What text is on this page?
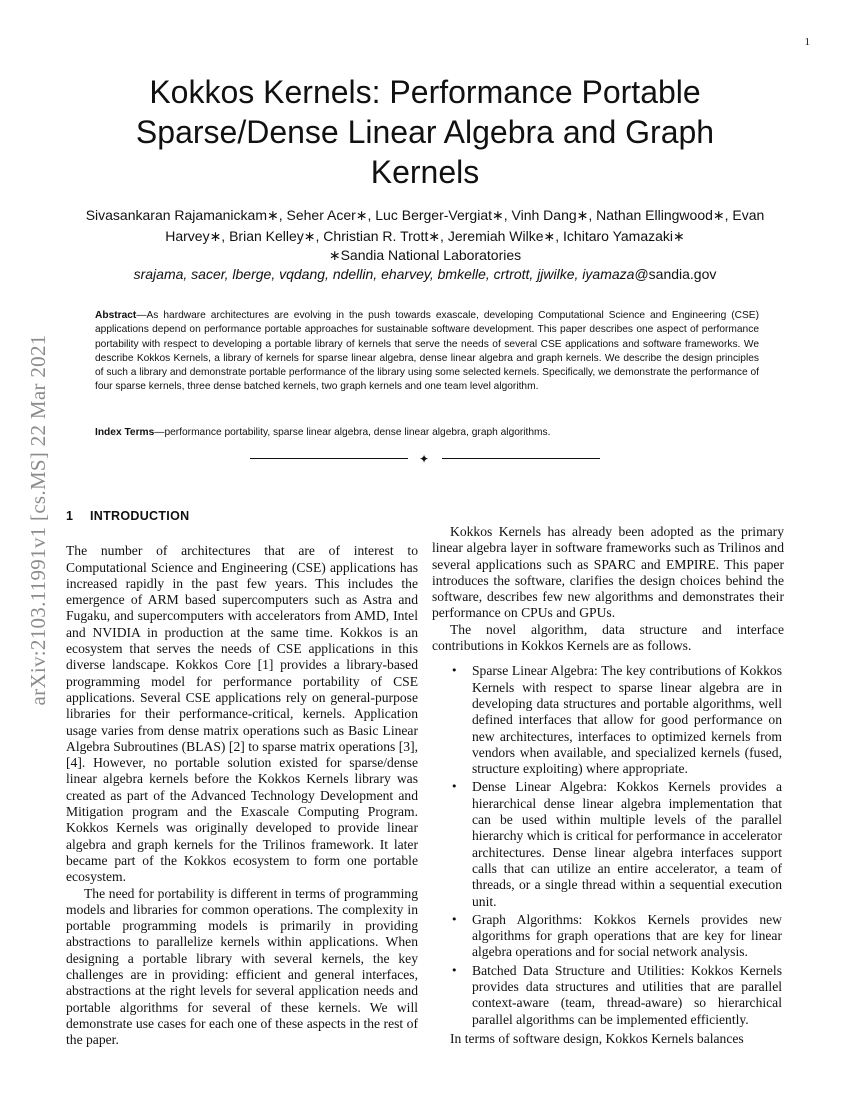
1
arXiv:2103.11991v1 [cs.MS] 22 Mar 2021
Kokkos Kernels: Performance Portable Sparse/Dense Linear Algebra and Graph Kernels
Sivasankaran Rajamanickam∗, Seher Acer∗, Luc Berger-Vergiat∗, Vinh Dang∗, Nathan Ellingwood∗, Evan Harvey∗, Brian Kelley∗, Christian R. Trott∗, Jeremiah Wilke∗, Ichitaro Yamazaki∗
∗Sandia National Laboratories
srajama, sacer, lberge, vqdang, ndellin, eharvey, bmkelle, crtrott, jjwilke, iyamaza@sandia.gov
Abstract—As hardware architectures are evolving in the push towards exascale, developing Computational Science and Engineering (CSE) applications depend on performance portable approaches for sustainable software development. This paper describes one aspect of performance portability with respect to developing a portable library of kernels that serve the needs of several CSE applications and software frameworks. We describe Kokkos Kernels, a library of kernels for sparse linear algebra, dense linear algebra and graph kernels. We describe the design principles of such a library and demonstrate portable performance of the library using some selected kernels. Specifically, we demonstrate the performance of four sparse kernels, three dense batched kernels, two graph kernels and one team level algorithm.
Index Terms—performance portability, sparse linear algebra, dense linear algebra, graph algorithms.
✦
1 INTRODUCTION

The number of architectures that are of interest to Computational Science and Engineering (CSE) applications has increased rapidly in the past few years. This includes the emergence of ARM based supercomputers such as Astra and Fugaku, and supercomputers with accelerators from AMD, Intel and NVIDIA in production at the same time. Kokkos is an ecosystem that serves the needs of CSE applications in this diverse landscape. Kokkos Core [1] provides a library-based programming model for performance portability of CSE applications. Several CSE applications rely on general-purpose libraries for their performance-critical, kernels. Application usage varies from dense matrix operations such as Basic Linear Algebra Subroutines (BLAS) [2] to sparse matrix operations [3], [4]. However, no portable solution existed for sparse/dense linear algebra kernels before the Kokkos Kernels library was created as part of the Advanced Technology Development and Mitigation program and the Exascale Computing Program. Kokkos Kernels was originally developed to provide linear algebra and graph kernels for the Trilinos framework. It later became part of the Kokkos ecosystem to form one portable ecosystem.

The need for portability is different in terms of programming models and libraries for common operations. The complexity in portable programming models is primarily in providing abstractions to parallelize kernels within applications. When designing a portable library with several kernels, the key challenges are in providing: efficient and general interfaces, abstractions at the right levels for several application needs and portable algorithms for several of these kernels. We will demonstrate use cases for each one of these aspects in the rest of the paper.

Kokkos Kernels has already been adopted as the primary linear algebra layer in software frameworks such as Trilinos and several applications such as SPARC and EMPIRE. This paper introduces the software, clarifies the design choices behind the software, describes few new algorithms and demonstrates their performance on CPUs and GPUs.

The novel algorithm, data structure and interface contributions in Kokkos Kernels are as follows.

• Sparse Linear Algebra: The key contributions of Kokkos Kernels with respect to sparse linear algebra are in developing data structures and portable algorithms, well defined interfaces that allow for good performance on new architectures, interfaces to optimized kernels from vendors when available, and specialized kernels (fused, structure exploiting) where appropriate.
• Dense Linear Algebra: Kokkos Kernels provides a hierarchical dense linear algebra implementation that can be used within multiple levels of the parallel hierarchy which is critical for performance in accelerator architectures. Dense linear algebra interfaces support calls that can utilize an entire accelerator, a team of threads, or a single thread within a sequential execution unit.
• Graph Algorithms: Kokkos Kernels provides new algorithms for graph operations that are key for linear algebra operations and for social network analysis.
• Batched Data Structure and Utilities: Kokkos Kernels provides data structures and utilities that are parallel context-aware (team, thread-aware) so hierarchical parallel algorithms can be implemented efficiently.

In terms of software design, Kokkos Kernels balances
